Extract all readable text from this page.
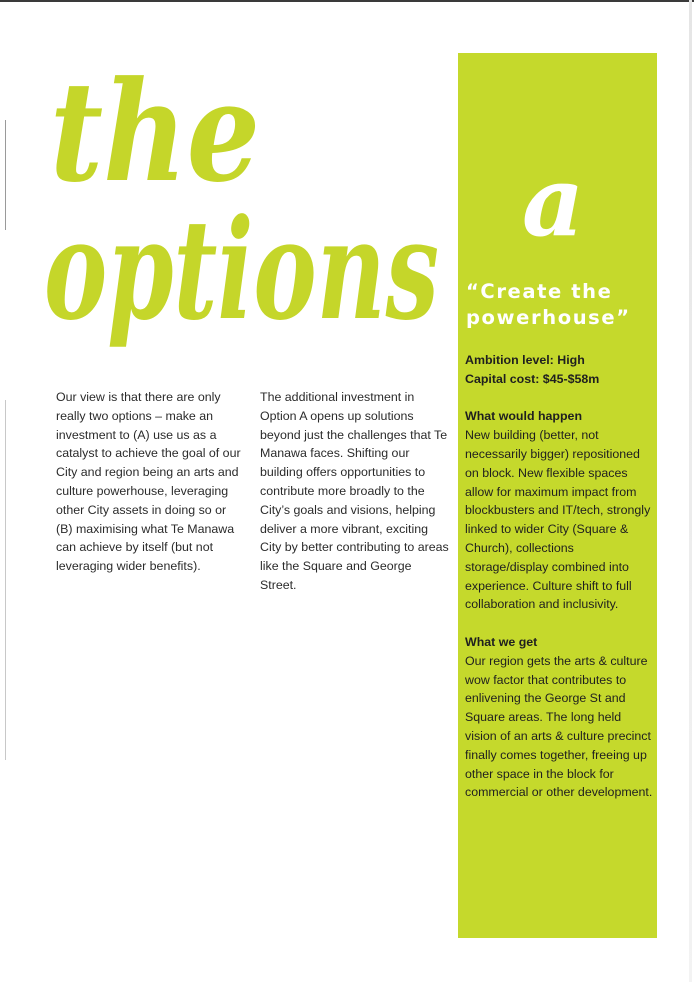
the
options
Our view is that there are only really two options – make an investment to (A) use us as a catalyst to achieve the goal of our City and region being an arts and culture powerhouse, leveraging other City assets in doing so or (B) maximising what Te Manawa can achieve by itself (but not leveraging wider benefits).
The additional investment in Option A opens up solutions beyond just the challenges that Te Manawa faces. Shifting our building offers opportunities to contribute more broadly to the City’s goals and visions, helping deliver a more vibrant, exciting City by better contributing to areas like the Square and George Street.
a
“Create the powerhouse”
Ambition level: High
Capital cost: $45-$58m
What would happen
New building (better, not necessarily bigger) repositioned on block. New flexible spaces allow for maximum impact from blockbusters and IT/tech, strongly linked to wider City (Square & Church), collections storage/display combined into experience. Culture shift to full collaboration and inclusivity.
What we get
Our region gets the arts & culture wow factor that contributes to enlivening the George St and Square areas. The long held vision of an arts & culture precinct finally comes together, freeing up other space in the block for commercial or other development.
